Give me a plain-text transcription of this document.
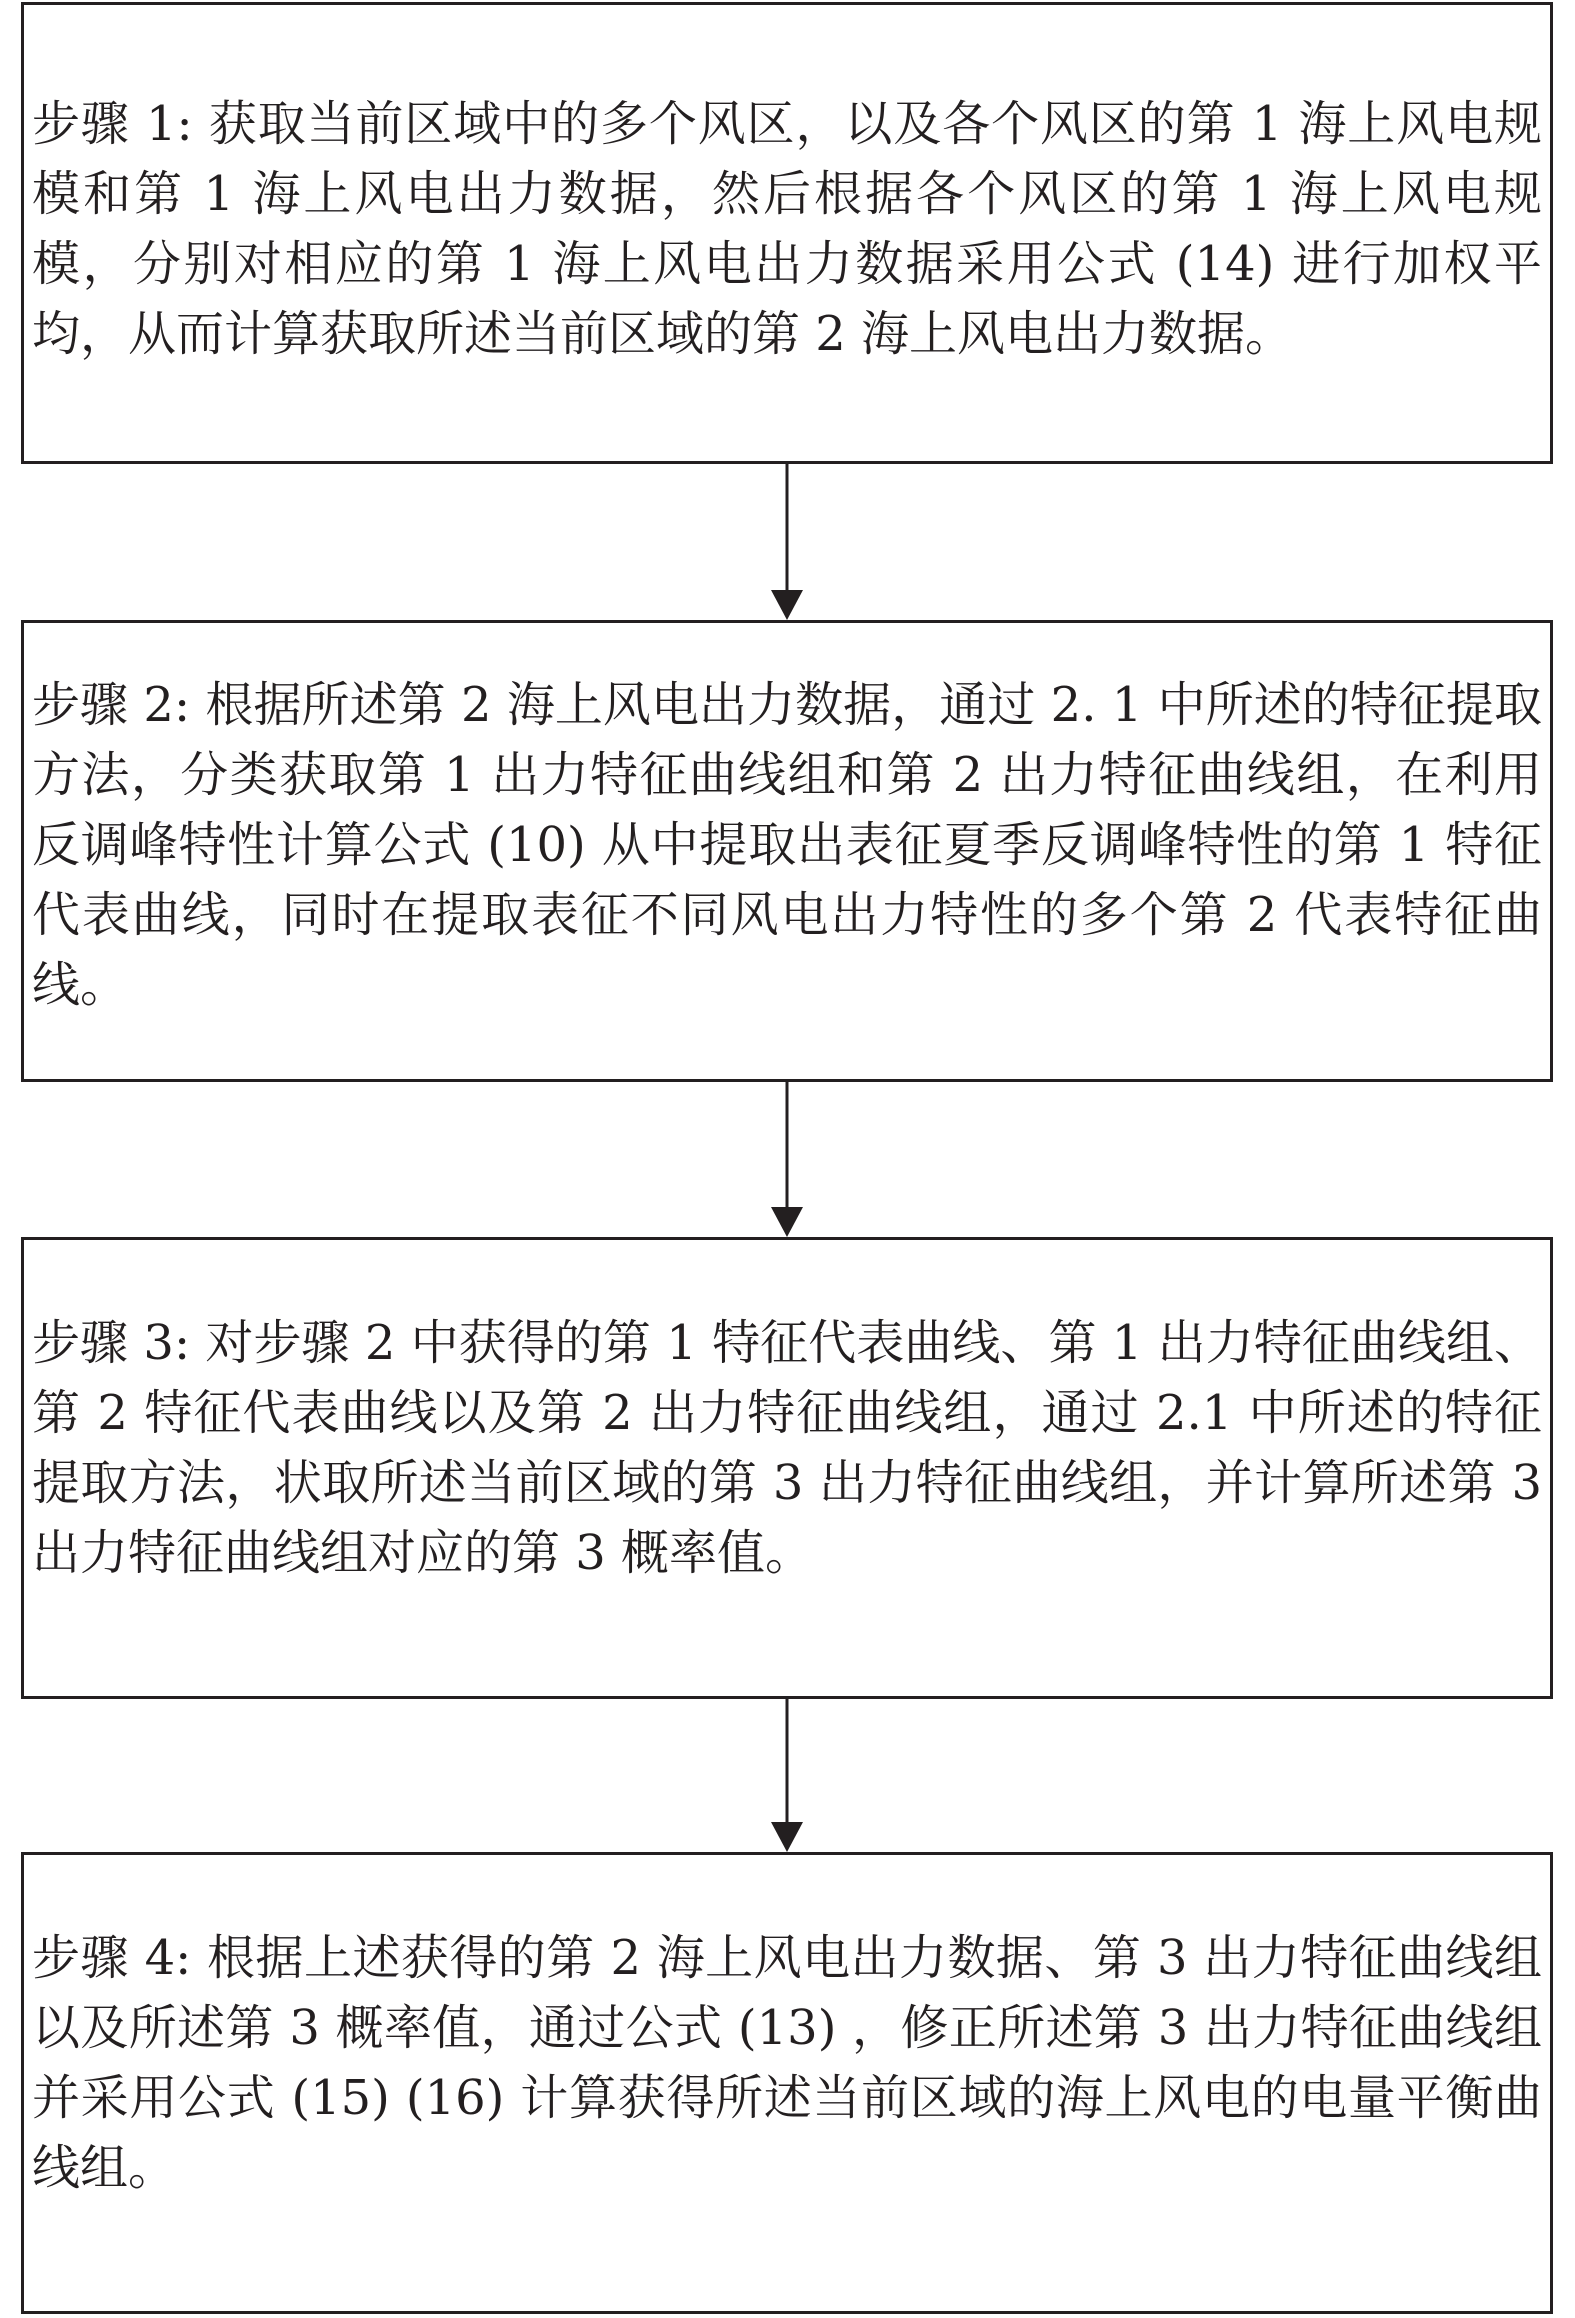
步骤 1: 获取当前区域中的多个风区，以及各个风区的第 1 海上风电规模和第 1 海上风电出力数据，然后根据各个风区的第 1 海上风电规模，分别对相应的第 1 海上风电出力数据采用公式 (14) 进行加权平均，从而计算获取所述当前区域的第 2 海上风电出力数据。

步骤 2: 根据所述第 2 海上风电出力数据，通过 2. 1 中所述的特征提取方法，分类获取第 1 出力特征曲线组和第 2 出力特征曲线组，在利用反调峰特性计算公式 (10) 从中提取出表征夏季反调峰特性的第 1 特征代表曲线，同时在提取表征不同风电出力特性的多个第 2 代表特征曲线。

步骤 3: 对步骤 2 中获得的第 1 特征代表曲线、第 1 出力特征曲线组、第 2 特征代表曲线以及第 2 出力特征曲线组，通过 2.1 中所述的特征提取方法，状取所述当前区域的第 3 出力特征曲线组，并计算所述第 3 出力特征曲线组对应的第 3 概率值。

步骤 4: 根据上述获得的第 2 海上风电出力数据、第 3 出力特征曲线组以及所述第 3 概率值，通过公式 (13) ，修正所述第 3 出力特征曲线组并采用公式 (15) (16) 计算获得所述当前区域的海上风电的电量平衡曲线组。
